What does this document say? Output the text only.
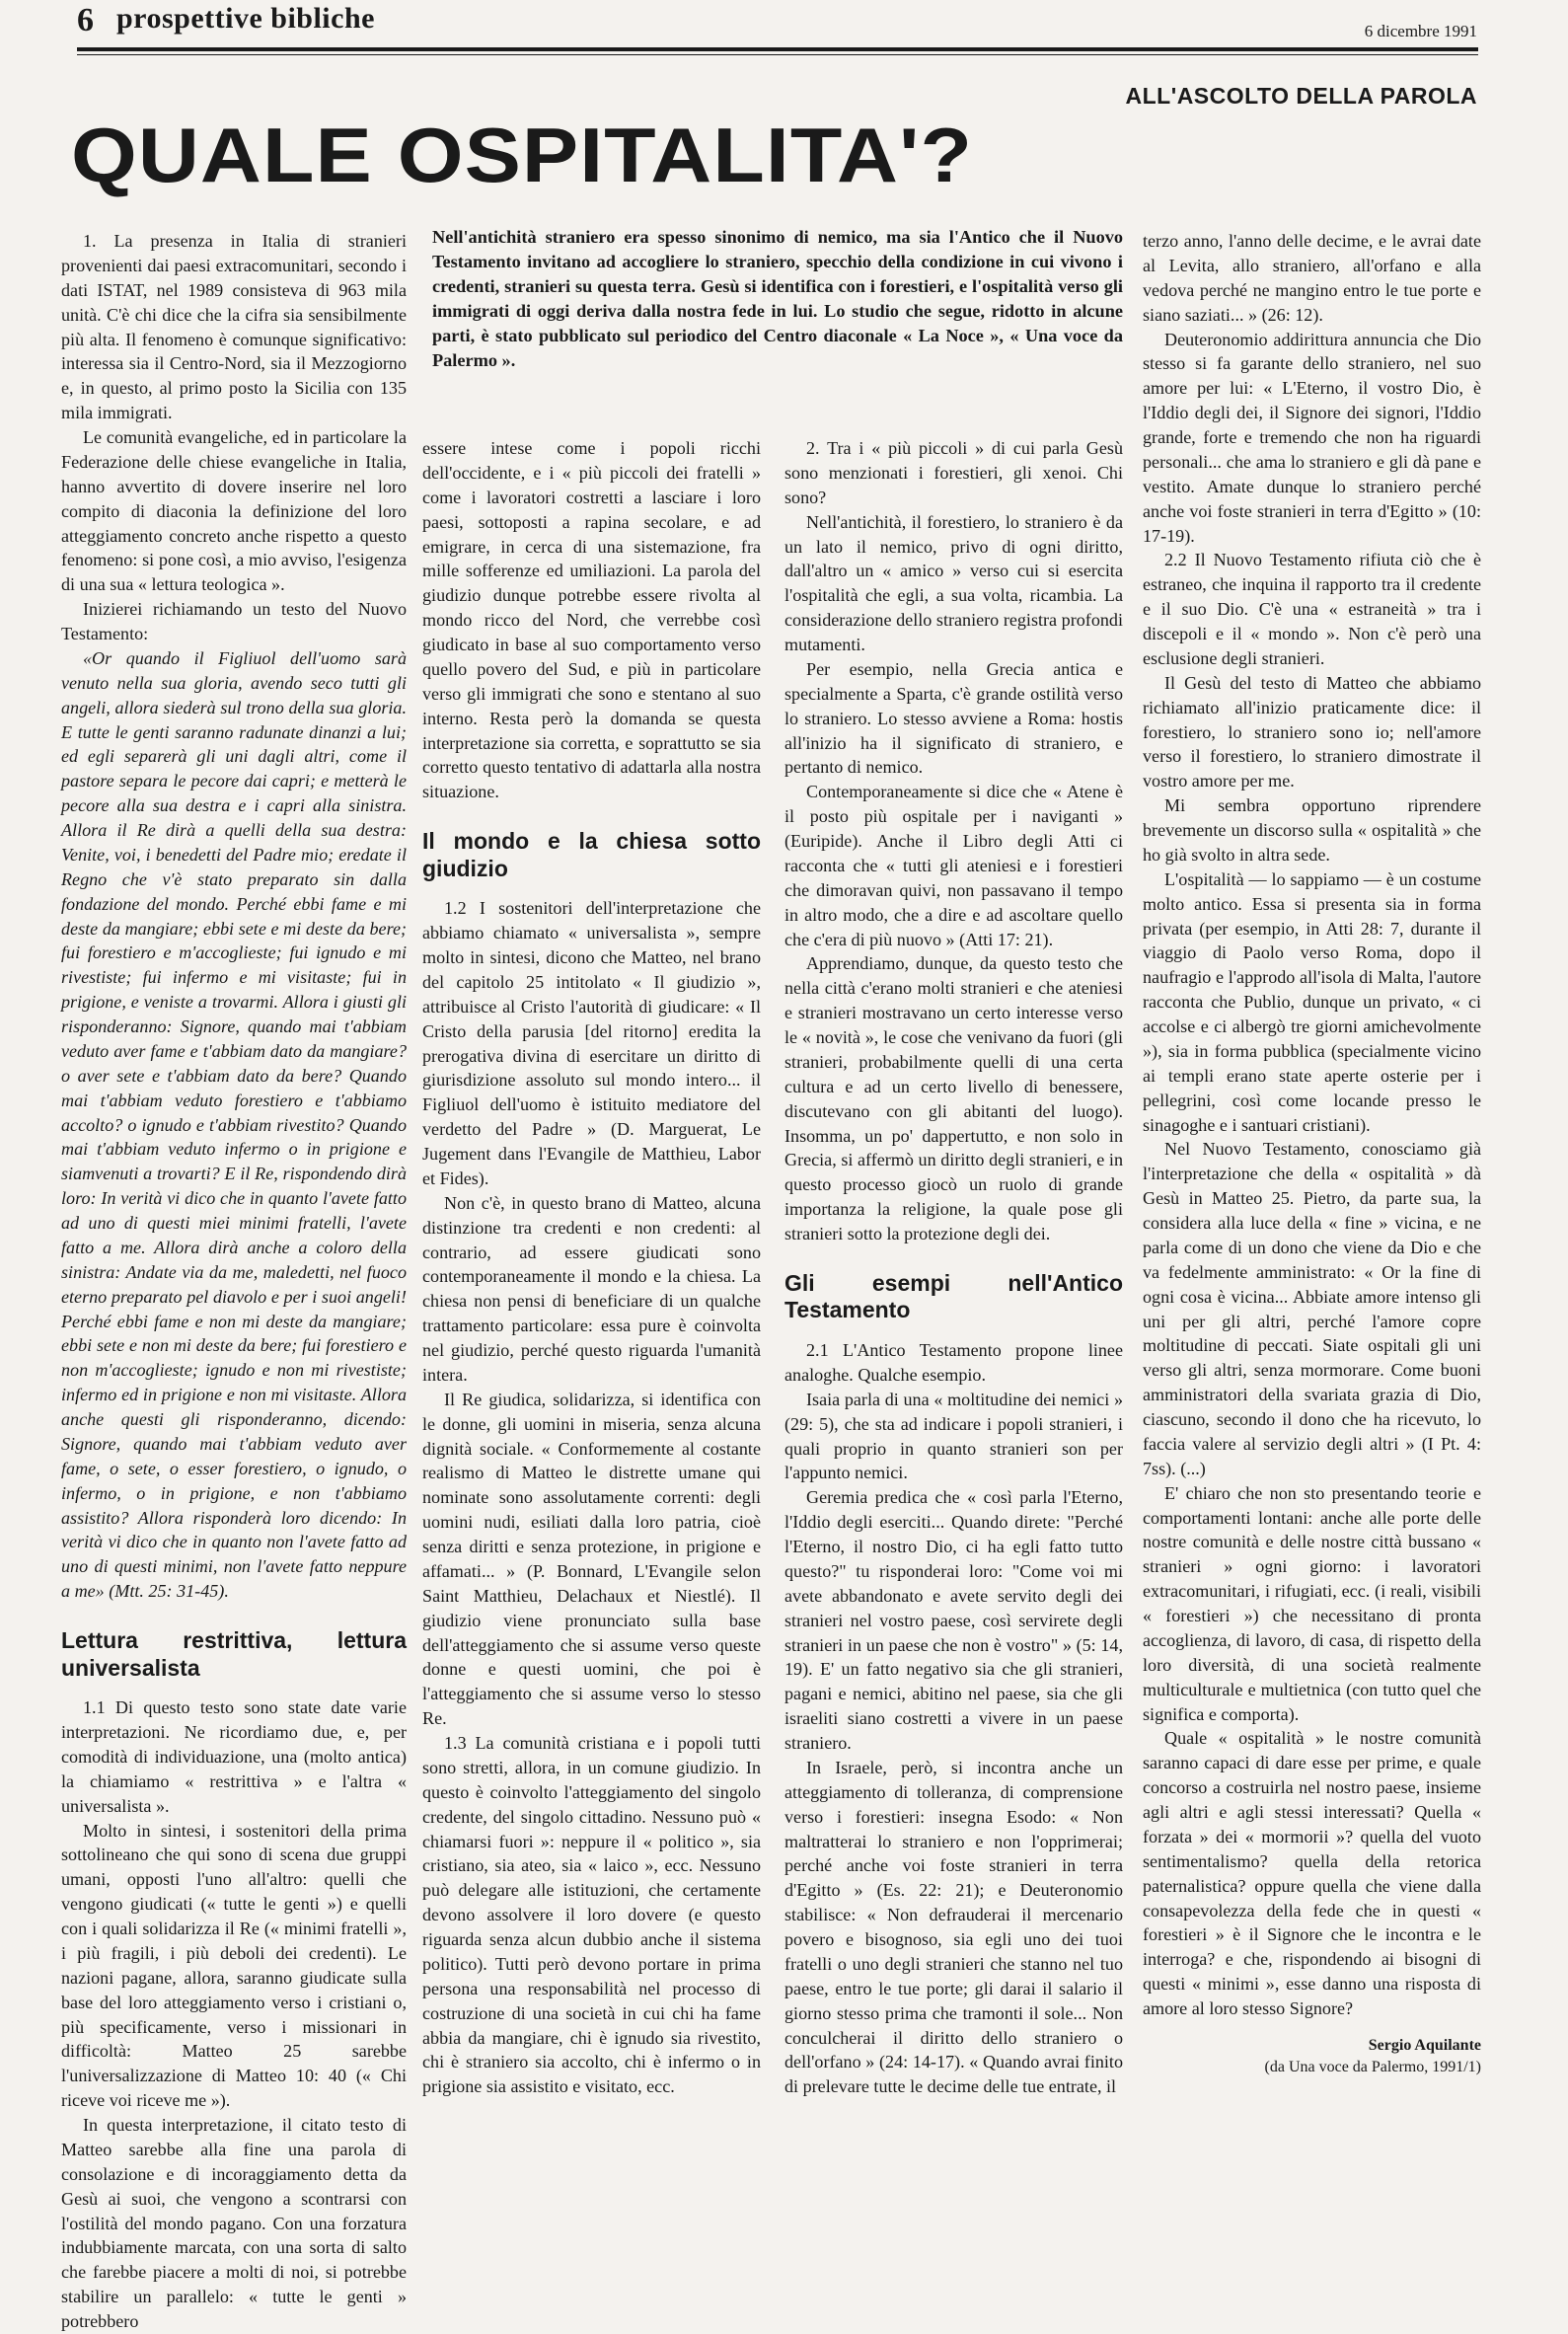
6 prospettive bibliche	6 dicembre 1991
ALL'ASCOLTO DELLA PAROLA
QUALE OSPITALITA'?
Nell'antichità straniero era spesso sinonimo di nemico, ma sia l'Antico che il Nuovo Testamento invitano ad accogliere lo straniero, specchio della condizione in cui vivono i credenti, stranieri su questa terra. Gesù si identifica con i forestieri, e l'ospitalità verso gli immigrati di oggi deriva dalla nostra fede in lui. Lo studio che segue, ridotto in alcune parti, è stato pubblicato sul periodico del Centro diaconale « La Noce », « Una voce da Palermo ».

1. La presenza in Italia di stranieri provenienti dai paesi extracomunitari, secondo i dati ISTAT, nel 1989 consisteva di 963 mila unità. C'è chi dice che la cifra sia sensibilmente più alta. Il fenomeno è comunque significativo: interessa sia il Centro-Nord, sia il Mezzogiorno e, in questo, al primo posto la Sicilia con 135 mila immigrati.

Le comunità evangeliche, ed in particolare la Federazione delle chiese evangeliche in Italia, hanno avvertito di dovere inserire nel loro compito di diaconia la definizione del loro atteggiamento concreto anche rispetto a questo fenomeno: si pone così, a mio avviso, l'esigenza di una sua « lettura teologica ».

Inizierei richiamando un testo del Nuovo Testamento:

«Or quando il Figliuol dell'uomo sarà venuto nella sua gloria, avendo seco tutti gli angeli, allora siederà sul trono della sua gloria. E tutte le genti saranno radunate dinanzi a lui; ed egli separerà gli uni dagli altri, come il pastore separa le pecore dai capri; e metterà le pecore alla sua destra e i capri alla sinistra. Allora il Re dirà a quelli della sua destra: Venite, voi, i benedetti del Padre mio; eredate il Regno che v'è stato preparato sin dalla fondazione del mondo. Perché ebbi fame e mi deste da mangiare; ebbi sete e mi deste da bere; fui forestiero e m'accoglieste; fui ignudo e mi rivestiste; fui infermo e mi visitaste; fui in prigione, e veniste a trovarmi. Allora i giusti gli risponderanno: Signore, quando mai t'abbiam veduto aver fame e t'abbiam dato da mangiare? o aver sete e t'abbiam dato da bere? Quando mai t'abbiam veduto forestiero e t'abbiamo accolto? o ignudo e t'abbiam rivestito? Quando mai t'abbiam veduto infermo o in prigione e siamvenuti a trovarti? E il Re, rispondendo dirà loro: In verità vi dico che in quanto l'avete fatto ad uno di questi miei minimi fratelli, l'avete fatto a me. Allora dirà anche a coloro della sinistra: Andate via da me, maledetti, nel fuoco eterno preparato pel diavolo e per i suoi angeli! Perché ebbi fame e non mi deste da mangiare; ebbi sete e non mi deste da bere; fui forestiero e non m'accoglieste; ignudo e non mi rivestiste; infermo ed in prigione e non mi visitaste. Allora anche questi gli risponderanno, dicendo: Signore, quando mai t'abbiam veduto aver fame, o sete, o esser forestiero, o ignudo, o infermo, o in prigione, e non t'abbiamo assistito? Allora risponderà loro dicendo: In verità vi dico che in quanto non l'avete fatto ad uno di questi minimi, non l'avete fatto neppure a me» (Mtt. 25: 31-45).

Lettura restrittiva, lettura universalista

1.1 Di questo testo sono state date varie interpretazioni. Ne ricordiamo due, e, per comodità di individuazione, una (molto antica) la chiamiamo « restrittiva » e l'altra « universalista ».

Molto in sintesi, i sostenitori della prima sottolineano che qui sono di scena due gruppi umani, opposti l'uno all'altro: quelli che vengono giudicati (« tutte le genti ») e quelli con i quali solidarizza il Re (« minimi fratelli », i più fragili, i più deboli dei credenti). Le nazioni pagane, allora, saranno giudicate sulla base del loro atteggiamento verso i cristiani o, più specificamente, verso i missionari in difficoltà: Matteo 25 sarebbe l'universalizzazione di Matteo 10: 40 (« Chi riceve voi riceve me »).

In questa interpretazione, il citato testo di Matteo sarebbe alla fine una parola di consolazione e di incoraggiamento detta da Gesù ai suoi, che vengono a scontrarsi con l'ostilità del mondo pagano. Con una forzatura indubbiamente marcata, con una sorta di salto che farebbe piacere a molti di noi, si potrebbe stabilire un parallelo: « tutte le genti » potrebbero

essere intese come i popoli ricchi dell'occidente, e i « più piccoli dei fratelli » come i lavoratori costretti a lasciare i loro paesi, sottoposti a rapina secolare, e ad emigrare, in cerca di una sistemazione, fra mille sofferenze ed umiliazioni. La parola del giudizio dunque potrebbe essere rivolta al mondo ricco del Nord, che verrebbe così giudicato in base al suo comportamento verso quello povero del Sud, e più in particolare verso gli immigrati che sono e stentano al suo interno. Resta però la domanda se questa interpretazione sia corretta, e soprattutto se sia corretto questo tentativo di adattarla alla nostra situazione.

Il mondo e la chiesa sotto giudizio

1.2 I sostenitori dell'interpretazione che abbiamo chiamato « universalista », sempre molto in sintesi, dicono che Matteo, nel brano del capitolo 25 intitolato « Il giudizio », attribuisce al Cristo l'autorità di giudicare: « Il Cristo della parusia [del ritorno] eredita la prerogativa divina di esercitare un diritto di giurisdizione assoluto sul mondo intero... il Figliuol dell'uomo è istituito mediatore del verdetto del Padre » (D. Marguerat, Le Jugement dans l'Evangile de Matthieu, Labor et Fides).

Non c'è, in questo brano di Matteo, alcuna distinzione tra credenti e non credenti: al contrario, ad essere giudicati sono contemporaneamente il mondo e la chiesa. La chiesa non pensi di beneficiare di un qualche trattamento particolare: essa pure è coinvolta nel giudizio, perché questo riguarda l'umanità intera.

Il Re giudica, solidarizza, si identifica con le donne, gli uomini in miseria, senza alcuna dignità sociale. « Conformemente al costante realismo di Matteo le distrette umane qui nominate sono assolutamente correnti: degli uomini nudi, esiliati dalla loro patria, cioè senza diritti e senza protezione, in prigione e affamati... » (P. Bonnard, L'Evangile selon Saint Matthieu, Delachaux et Niestlé). Il giudizio viene pronunciato sulla base dell'atteggiamento che si assume verso queste donne e questi uomini, che poi è l'atteggiamento che si assume verso lo stesso Re.

1.3 La comunità cristiana e i popoli tutti sono stretti, allora, in un comune giudizio. In questo è coinvolto l'atteggiamento del singolo credente, del singolo cittadino. Nessuno può « chiamarsi fuori »: neppure il « politico », sia cristiano, sia ateo, sia « laico », ecc. Nessuno può delegare alle istituzioni, che certamente devono assolvere il loro dovere (e questo riguarda senza alcun dubbio anche il sistema politico). Tutti però devono portare in prima persona una responsabilità nel processo di costruzione di una società in cui chi ha fame abbia da mangiare, chi è ignudo sia rivestito, chi è straniero sia accolto, chi è infermo o in prigione sia assistito e visitato, ecc.

2. Tra i « più piccoli » di cui parla Gesù sono menzionati i forestieri, gli xenoi. Chi sono?

Nell'antichità, il forestiero, lo straniero è da un lato il nemico, privo di ogni diritto, dall'altro un « amico » verso cui si esercita l'ospitalità che egli, a sua volta, ricambia. La considerazione dello straniero registra profondi mutamenti.

Per esempio, nella Grecia antica e specialmente a Sparta, c'è grande ostilità verso lo straniero. Lo stesso avviene a Roma: hostis all'inizio ha il significato di straniero, e pertanto di nemico.

Contemporaneamente si dice che « Atene è il posto più ospitale per i naviganti » (Euripide). Anche il Libro degli Atti ci racconta che « tutti gli ateniesi e i forestieri che dimoravan quivi, non passavano il tempo in altro modo, che a dire e ad ascoltare quello che c'era di più nuovo » (Atti 17: 21).

Apprendiamo, dunque, da questo testo che nella città c'erano molti stranieri e che ateniesi e stranieri mostravano un certo interesse verso le « novità », le cose che venivano da fuori (gli stranieri, probabilmente quelli di una certa cultura e ad un certo livello di benessere, discutevano con gli abitanti del luogo). Insomma, un po' dappertutto, e non solo in Grecia, si affermò un diritto degli stranieri, e in questo processo giocò un ruolo di grande importanza la religione, la quale pose gli stranieri sotto la protezione degli dei.

Gli esempi nell'Antico Testamento

2.1 L'Antico Testamento propone linee analoghe. Qualche esempio.

Isaia parla di una « moltitudine dei nemici » (29: 5), che sta ad indicare i popoli stranieri, i quali proprio in quanto stranieri son per l'appunto nemici.

Geremia predica che « così parla l'Eterno, l'Iddio degli eserciti... Quando direte: "Perché l'Eterno, il nostro Dio, ci ha egli fatto tutto questo?" tu risponderai loro: "Come voi mi avete abbandonato e avete servito degli dei stranieri nel vostro paese, così servirete degli stranieri in un paese che non è vostro" » (5: 14, 19). E' un fatto negativo sia che gli stranieri, pagani e nemici, abitino nel paese, sia che gli israeliti siano costretti a vivere in un paese straniero.

In Israele, però, si incontra anche un atteggiamento di tolleranza, di comprensione verso i forestieri: insegna Esodo: « Non maltratterai lo straniero e non l'opprimerai; perché anche voi foste stranieri in terra d'Egitto » (Es. 22: 21); e Deuteronomio stabilisce: « Non defrauderai il mercenario povero e bisognoso, sia egli uno dei tuoi fratelli o uno degli stranieri che stanno nel tuo paese, entro le tue porte; gli darai il salario il giorno stesso prima che tramonti il sole... Non conculcherai il diritto dello straniero o dell'orfano » (24: 14-17). « Quando avrai finito di prelevare tutte le decime delle tue entrate, il

terzo anno, l'anno delle decime, e le avrai date al Levita, allo straniero, all'orfano e alla vedova perché ne mangino entro le tue porte e siano saziati... » (26: 12).

Deuteronomio addirittura annuncia che Dio stesso si fa garante dello straniero, nel suo amore per lui: « L'Eterno, il vostro Dio, è l'Iddio degli dei, il Signore dei signori, l'Iddio grande, forte e tremendo che non ha riguardi personali... che ama lo straniero e gli dà pane e vestito. Amate dunque lo straniero perché anche voi foste stranieri in terra d'Egitto » (10: 17-19).

2.2 Il Nuovo Testamento rifiuta ciò che è estraneo, che inquina il rapporto tra il credente e il suo Dio. C'è una « estraneità » tra i discepoli e il « mondo ». Non c'è però una esclusione degli stranieri.

Il Gesù del testo di Matteo che abbiamo richiamato all'inizio praticamente dice: il forestiero, lo straniero sono io; nell'amore verso il forestiero, lo straniero dimostrate il vostro amore per me.

Mi sembra opportuno riprendere brevemente un discorso sulla « ospitalità » che ho già svolto in altra sede.

L'ospitalità — lo sappiamo — è un costume molto antico. Essa si presenta sia in forma privata (per esempio, in Atti 28: 7, durante il viaggio di Paolo verso Roma, dopo il naufragio e l'approdo all'isola di Malta, l'autore racconta che Publio, dunque un privato, « ci accolse e ci albergò tre giorni amichevolmente »), sia in forma pubblica (specialmente vicino ai templi erano state aperte osterie per i pellegrini, così come locande presso le sinagoghe e i santuari cristiani).

Nel Nuovo Testamento, conosciamo già l'interpretazione che della « ospitalità » dà Gesù in Matteo 25. Pietro, da parte sua, la considera alla luce della « fine » vicina, e ne parla come di un dono che viene da Dio e che va fedelmente amministrato: « Or la fine di ogni cosa è vicina... Abbiate amore intenso gli uni per gli altri, perché l'amore copre moltitudine di peccati. Siate ospitali gli uni verso gli altri, senza mormorare. Come buoni amministratori della svariata grazia di Dio, ciascuno, secondo il dono che ha ricevuto, lo faccia valere al servizio degli altri » (I Pt. 4: 7ss). (...)

E' chiaro che non sto presentando teorie e comportamenti lontani: anche alle porte delle nostre comunità e delle nostre città bussano « stranieri » ogni giorno: i lavoratori extracomunitari, i rifugiati, ecc. (i reali, visibili « forestieri ») che necessitano di pronta accoglienza, di lavoro, di casa, di rispetto della loro diversità, di una società realmente multiculturale e multietnica (con tutto quel che significa e comporta).

Quale « ospitalità » le nostre comunità saranno capaci di dare esse per prime, e quale concorso a costruirla nel nostro paese, insieme agli altri e agli stessi interessati? Quella « forzata » dei « mormorii »? quella del vuoto sentimentalismo? quella della retorica paternalistica? oppure quella che viene dalla consapevolezza della fede che in questi « forestieri » è il Signore che le incontra e le interroga? e che, rispondendo ai bisogni di questi « minimi », esse danno una risposta di amore al loro stesso Signore?

Sergio Aquilante
(da Una voce da Palermo, 1991/1)
